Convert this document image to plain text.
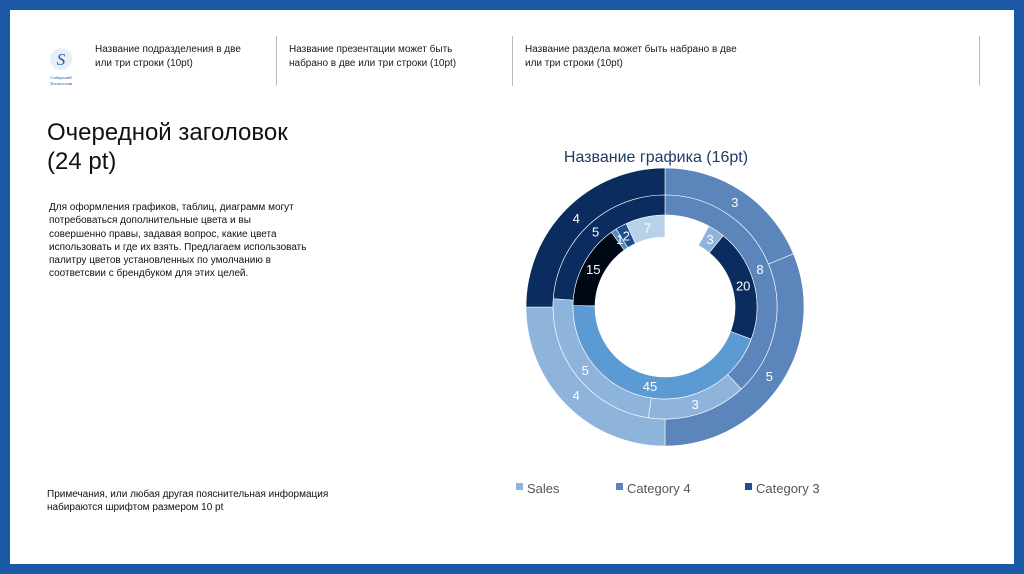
S
Сибирский
Технологии
Название подразделения в две или три строки (10pt)
Название презентации может быть набрано в две или три строки (10pt)
Название раздела может быть набрано в две или три строки (10pt)
Очередной заголовок (24 pt)
Для оформления графиков, таблиц, диаграмм могут потребоваться дополнительные цвета и вы совершенно правы, задавая вопрос, какие цвета использовать и где их взять. Предлагаем использовать палитру цветов установленных по умолчанию в соответсвии с брендбуком для этих целей.
Примечания, или любая другая пояснительная информация набираются шрифтом размером 10 pt
Название графика (16pt)
3
5
4
4
8
3
5
5	8
3
20
45
15
1 2
7
Sales	Category 4	Category 3
